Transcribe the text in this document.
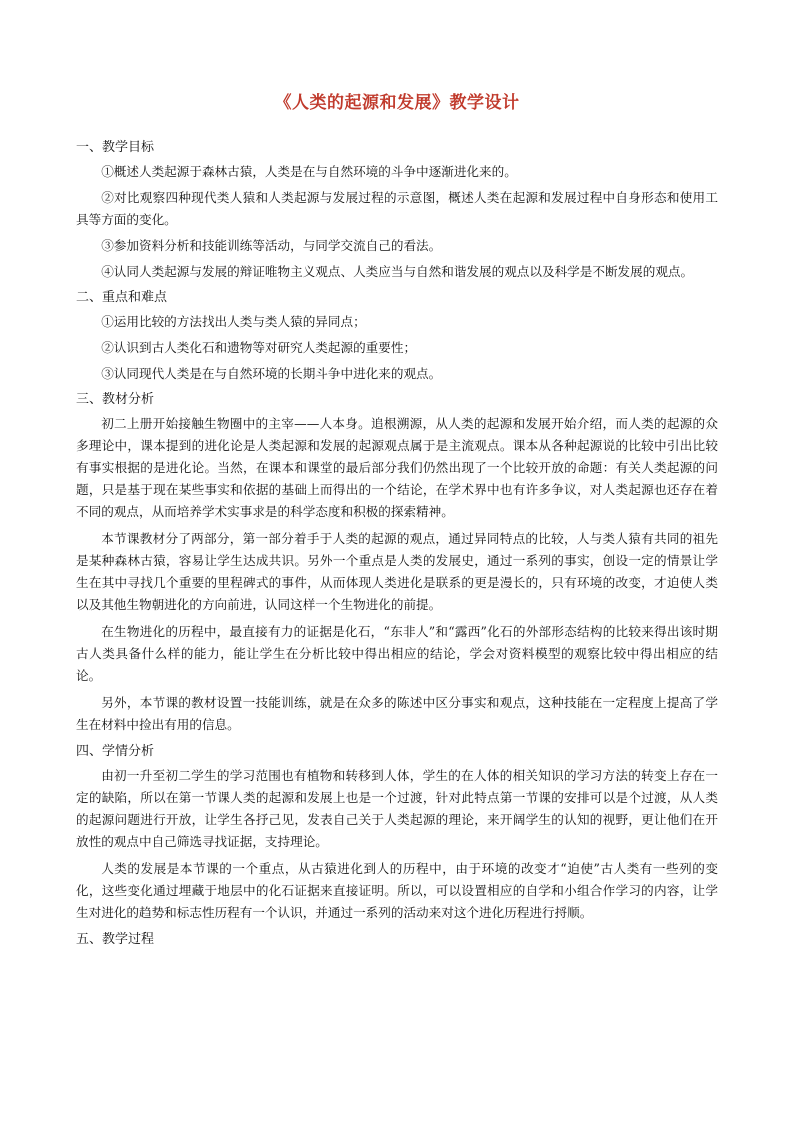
《人类的起源和发展》教学设计
一、教学目标

①概述人类起源于森林古猿，人类是在与自然环境的斗争中逐渐进化来的。

②对比观察四种现代类人猿和人类起源与发展过程的示意图，概述人类在起源和发展过程中自身形态和使用工具等方面的变化。

③参加资料分析和技能训练等活动，与同学交流自己的看法。

④认同人类起源与发展的辩证唯物主义观点、人类应当与自然和谐发展的观点以及科学是不断发展的观点。

二、重点和难点

①运用比较的方法找出人类与类人猿的异同点；

②认识到古人类化石和遗物等对研究人类起源的重要性；

③认同现代人类是在与自然环境的长期斗争中进化来的观点。

三、教材分析

初二上册开始接触生物圈中的主宰——人本身。追根溯源，从人类的起源和发展开始介绍，而人类的起源的众多理论中，课本提到的进化论是人类起源和发展的起源观点属于是主流观点。课本从各种起源说的比较中引出比较有事实根据的是进化论。当然，在课本和课堂的最后部分我们仍然出现了一个比较开放的命题：有关人类起源的问题，只是基于现在某些事实和依据的基础上而得出的一个结论，在学术界中也有许多争议，对人类起源也还存在着不同的观点，从而培养学术实事求是的科学态度和积极的探索精神。

本节课教材分了两部分，第一部分着手于人类的起源的观点，通过异同特点的比较，人与类人猿有共同的祖先是某种森林古猿，容易让学生达成共识。另外一个重点是人类的发展史，通过一系列的事实，创设一定的情景让学生在其中寻找几个重要的里程碑式的事件，从而体现人类进化是联系的更是漫长的，只有环境的改变，才迫使人类以及其他生物朝进化的方向前进，认同这样一个生物进化的前提。

在生物进化的历程中，最直接有力的证据是化石，“东非人”和“露西”化石的外部形态结构的比较来得出该时期古人类具备什么样的能力，能让学生在分析比较中得出相应的结论，学会对资料模型的观察比较中得出相应的结论。

另外，本节课的教材设置一技能训练，就是在众多的陈述中区分事实和观点，这种技能在一定程度上提高了学生在材料中捡出有用的信息。

四、学情分析

由初一升至初二学生的学习范围也有植物和转移到人体，学生的在人体的相关知识的学习方法的转变上存在一定的缺陷，所以在第一节课人类的起源和发展上也是一个过渡，针对此特点第一节课的安排可以是个过渡，从人类的起源问题进行开放，让学生各抒己见，发表自己关于人类起源的理论，来开阔学生的认知的视野，更让他们在开放性的观点中自己筛选寻找证据，支持理论。

人类的发展是本节课的一个重点，从古猿进化到人的历程中，由于环境的改变才“迫使”古人类有一些列的变化，这些变化通过埋藏于地层中的化石证据来直接证明。所以，可以设置相应的自学和小组合作学习的内容，让学生对进化的趋势和标志性历程有一个认识，并通过一系列的活动来对这个进化历程进行捋顺。

五、教学过程
